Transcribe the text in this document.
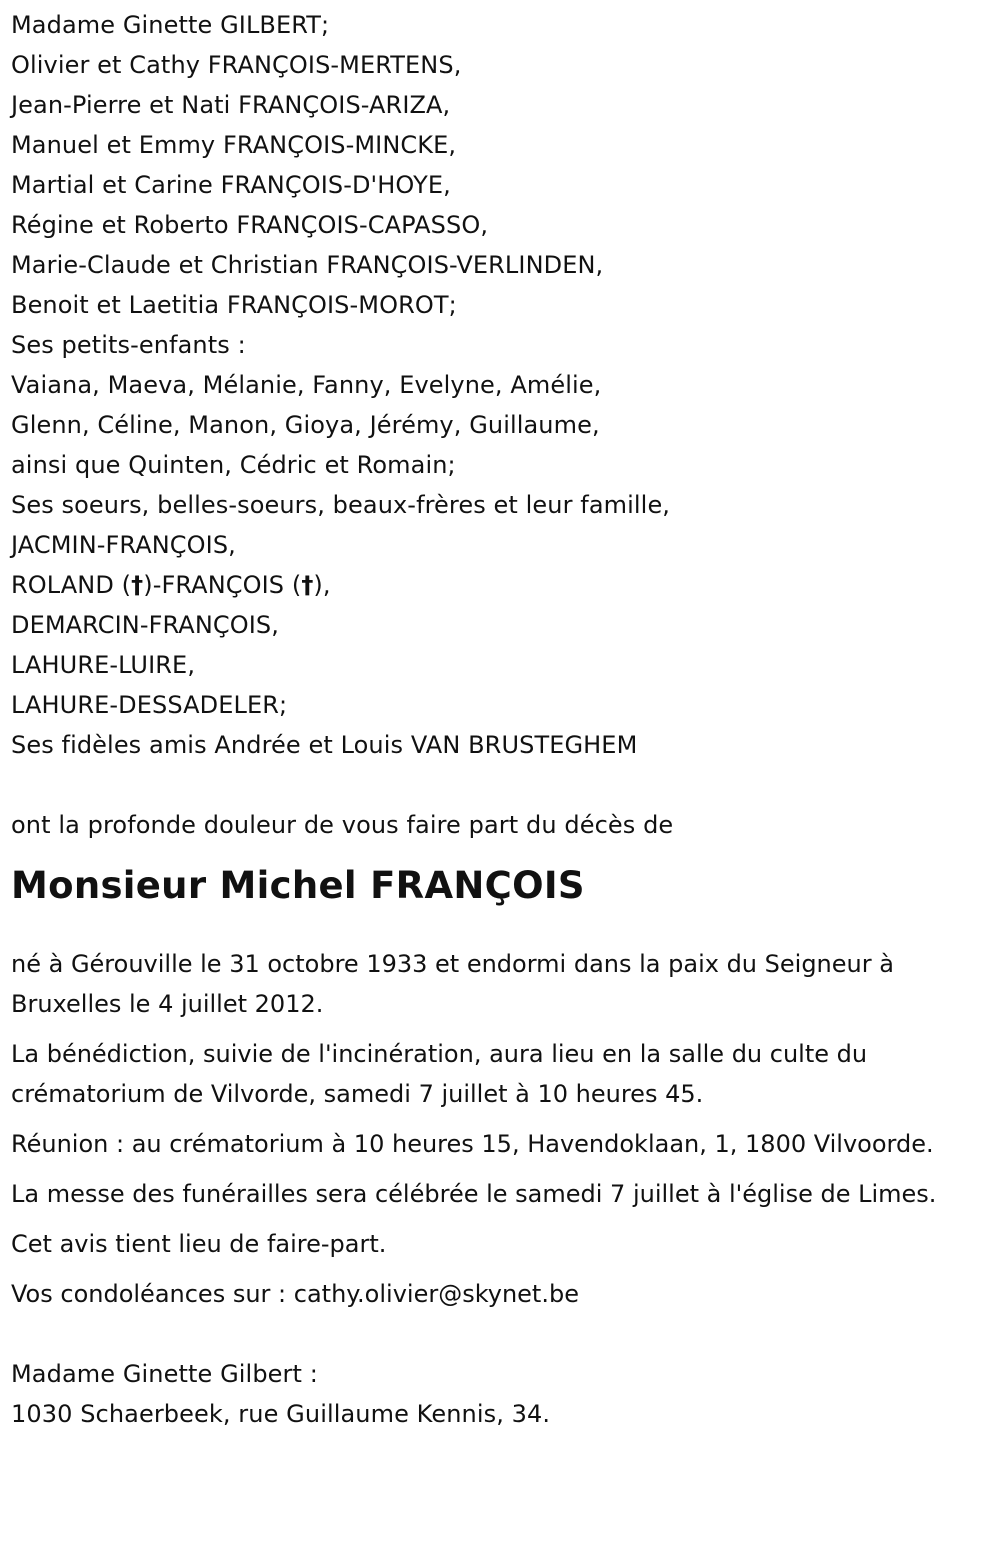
Madame Ginette GILBERT;
Olivier et Cathy FRANÇOIS-MERTENS,
Jean-Pierre et Nati FRANÇOIS-ARIZA,
Manuel et Emmy FRANÇOIS-MINCKE,
Martial et Carine FRANÇOIS-D'HOYE,
Régine et Roberto FRANÇOIS-CAPASSO,
Marie-Claude et Christian FRANÇOIS-VERLINDEN,
Benoit et Laetitia FRANÇOIS-MOROT;
Ses petits-enfants :
Vaiana, Maeva, Mélanie, Fanny, Evelyne, Amélie,
Glenn, Céline, Manon, Gioya, Jérémy, Guillaume,
ainsi que Quinten, Cédric et Romain;
Ses soeurs, belles-soeurs, beaux-frères et leur famille,
JACMIN-FRANÇOIS,
ROLAND (†)-FRANÇOIS (†),
DEMARCIN-FRANÇOIS,
LAHURE-LUIRE,
LAHURE-DESSADELER;
Ses fidèles amis Andrée et Louis VAN BRUSTEGHEM
ont la profonde douleur de vous faire part du décès de
Monsieur Michel FRANÇOIS

né à Gérouville le 31 octobre 1933 et endormi dans la paix du Seigneur à Bruxelles le 4 juillet 2012.

La bénédiction, suivie de l'incinération, aura lieu en la salle du culte du crématorium de Vilvorde, samedi 7 juillet à 10 heures 45.

Réunion : au crématorium à 10 heures 15, Havendoklaan, 1, 1800 Vilvoorde.

La messe des funérailles sera célébrée le samedi 7 juillet à l'église de Limes.

Cet avis tient lieu de faire-part.

Vos condoléances sur : cathy.olivier@skynet.be

Madame Ginette Gilbert :
1030 Schaerbeek, rue Guillaume Kennis, 34.
